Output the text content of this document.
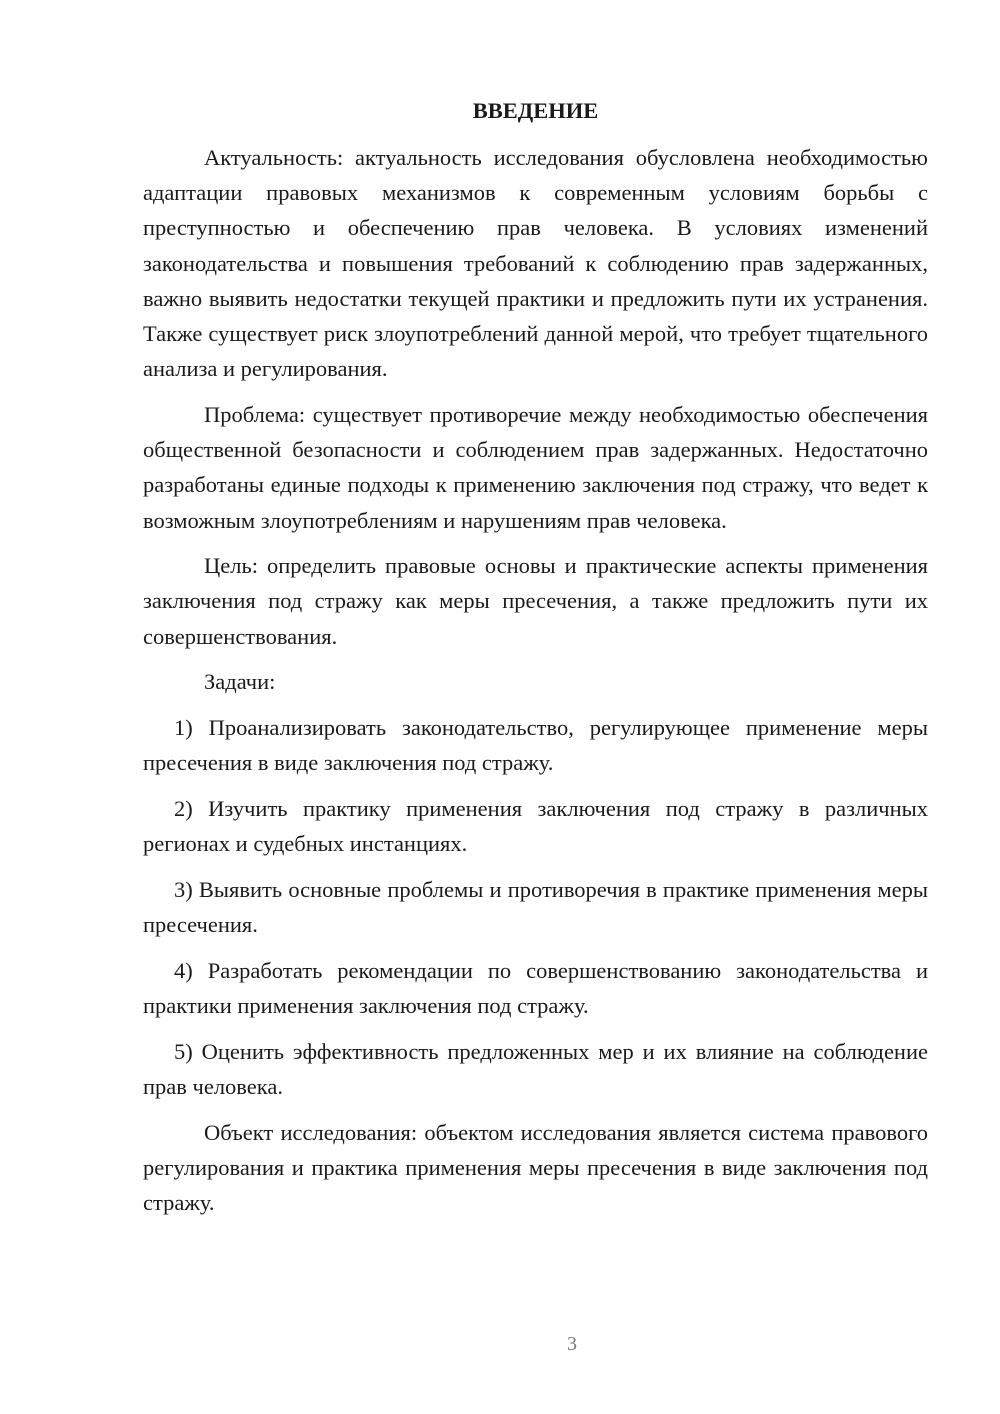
ВВЕДЕНИЕ

Актуальность: актуальность исследования обусловлена необходимостью адаптации правовых механизмов к современным условиям борьбы с преступностью и обеспечению прав человека. В условиях изменений законодательства и повышения требований к соблюдению прав задержанных, важно выявить недостатки текущей практики и предложить пути их устранения. Также существует риск злоупотреблений данной мерой, что требует тщательного анализа и регулирования.

Проблема: существует противоречие между необходимостью обеспечения общественной безопасности и соблюдением прав задержанных. Недостаточно разработаны единые подходы к применению заключения под стражу, что ведет к возможным злоупотреблениям и нарушениям прав человека.

Цель: определить правовые основы и практические аспекты применения заключения под стражу как меры пресечения, а также предложить пути их совершенствования.

Задачи:

1) Проанализировать законодательство, регулирующее применение меры пресечения в виде заключения под стражу.

2) Изучить практику применения заключения под стражу в различных регионах и судебных инстанциях.

3) Выявить основные проблемы и противоречия в практике применения меры пресечения.

4) Разработать рекомендации по совершенствованию законодательства и практики применения заключения под стражу.

5) Оценить эффективность предложенных мер и их влияние на соблюдение прав человека.

Объект исследования: объектом исследования является система правового регулирования и практика применения меры пресечения в виде заключения под стражу.

3
